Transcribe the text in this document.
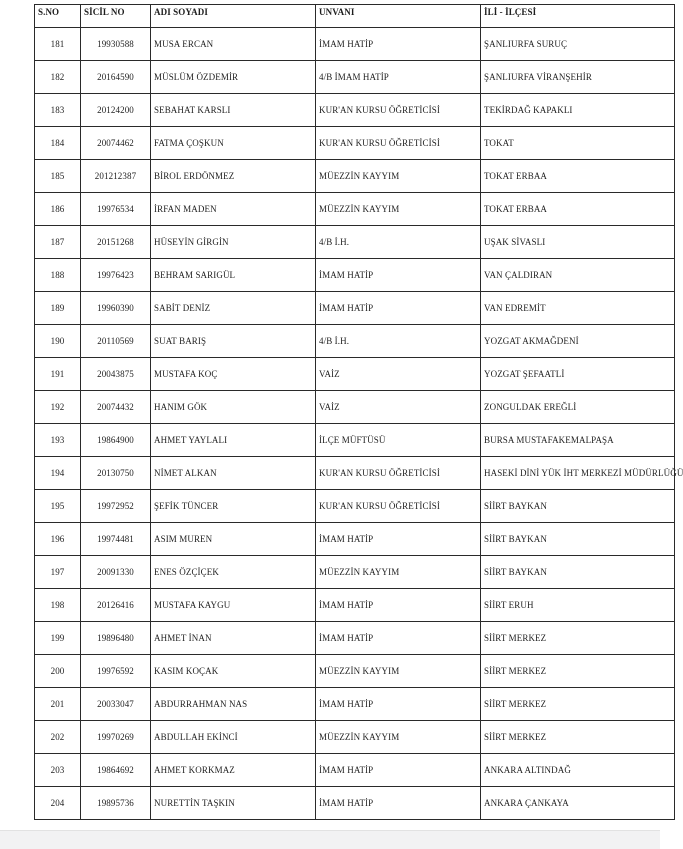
S.NO	SİCİL NO	ADI SOYADI	UNVANI	İLİ - İLÇESİ
181	19930588	MUSA ERCAN	İMAM HATİP	ŞANLIURFA SURUÇ
182	20164590	MÜSLÜM ÖZDEMİR	4/B İMAM HATİP	ŞANLIURFA VİRANŞEHİR
183	20124200	SEBAHAT KARSLI	KUR'AN KURSU ÖĞRETİCİSİ	TEKİRDAĞ KAPAKLI
184	20074462	FATMA ÇOŞKUN	KUR'AN KURSU ÖĞRETİCİSİ	TOKAT
185	201212387	BİROL ERDÖNMEZ	MÜEZZİN KAYYIM	TOKAT ERBAA
186	19976534	İRFAN MADEN	MÜEZZİN KAYYIM	TOKAT ERBAA
187	20151268	HÜSEYİN GİRGİN	4/B İ.H.	UŞAK SİVASLI
188	19976423	BEHRAM SARIGÜL	İMAM HATİP	VAN ÇALDIRAN
189	19960390	SABİT DENİZ	İMAM HATİP	VAN EDREMİT
190	20110569	SUAT BARIŞ	4/B İ.H.	YOZGAT AKMAĞDENİ
191	20043875	MUSTAFA KOÇ	VAİZ	YOZGAT ŞEFAATLİ
192	20074432	HANIM GÖK	VAİZ	ZONGULDAK EREĞLİ
193	19864900	AHMET YAYLALI	İLÇE MÜFTÜSÜ	BURSA MUSTAFAKEMALPAŞA
194	20130750	NİMET ALKAN	KUR'AN KURSU ÖĞRETİCİSİ	HASEKİ DİNİ YÜK İHT MERKEZİ MÜDÜRLÜĞÜ
195	19972952	ŞEFİK TÜNCER	KUR'AN KURSU ÖĞRETİCİSİ	SİİRT BAYKAN
196	19974481	ASIM MUREN	İMAM HATİP	SİİRT BAYKAN
197	20091330	ENES ÖZÇİÇEK	MÜEZZİN KAYYIM	SİİRT BAYKAN
198	20126416	MUSTAFA KAYGU	İMAM HATİP	SİİRT ERUH
199	19896480	AHMET İNAN	İMAM HATİP	SİİRT MERKEZ
200	19976592	KASIM KOÇAK	MÜEZZİN KAYYIM	SİİRT MERKEZ
201	20033047	ABDURRAHMAN NAS	İMAM HATİP	SİİRT MERKEZ
202	19970269	ABDULLAH EKİNCİ	MÜEZZİN KAYYIM	SİİRT MERKEZ
203	19864692	AHMET KORKMAZ	İMAM HATİP	ANKARA ALTINDAĞ
204	19895736	NURETTİN TAŞKIN	İMAM HATİP	ANKARA ÇANKAYA
